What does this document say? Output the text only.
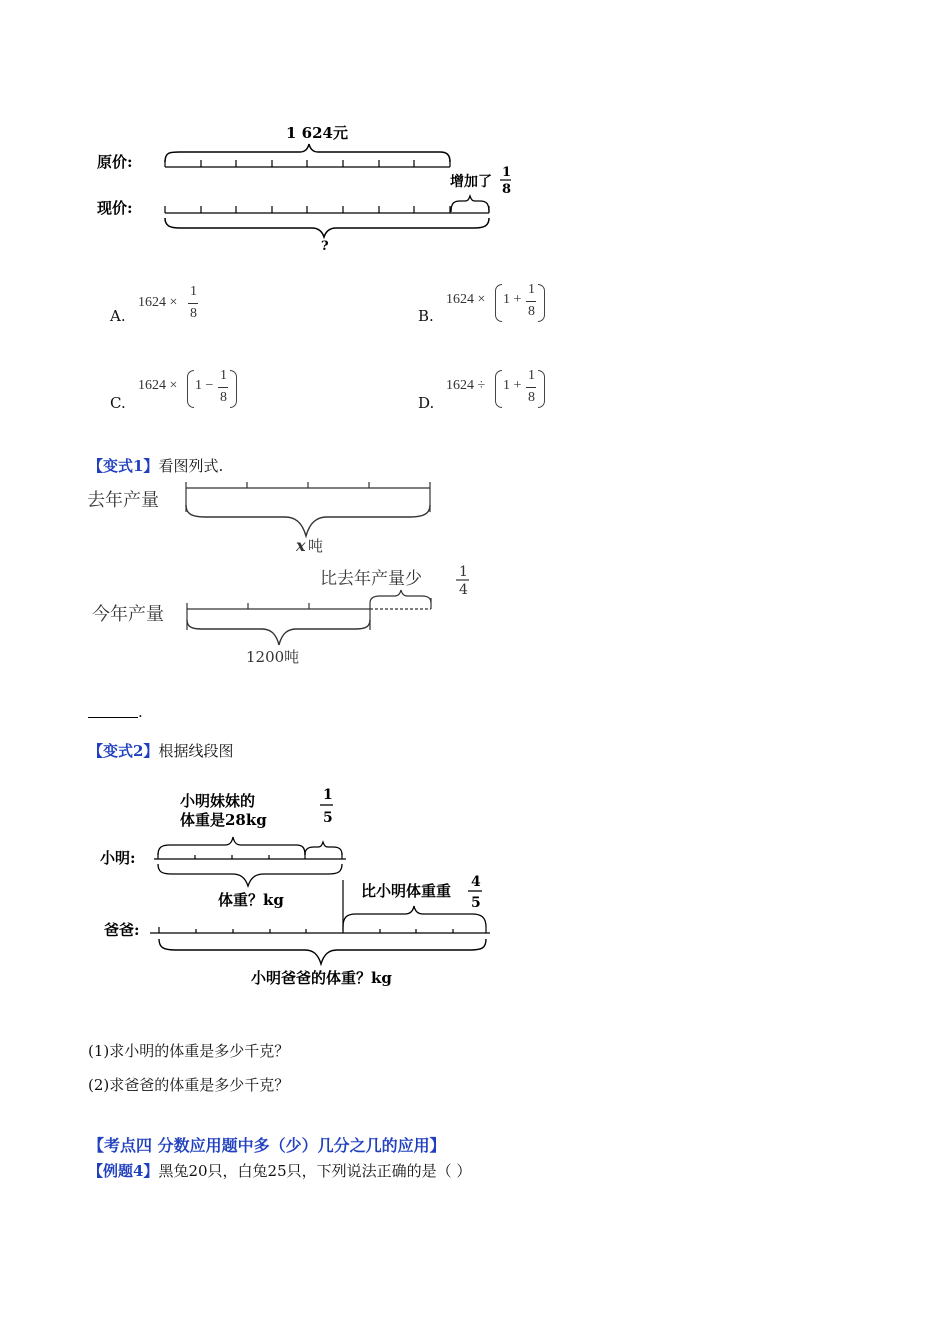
1 624元
原价:
增加了
1
8
现价:
?
A.
1624 ×
1
8	B.
1624 × 1 +
1
8
C.
1624 × 1 −
1
8	D.
1624 ÷ 1 +
1
8
【变式1】看图列式.
去年产量
x 吨
比去年产量少	1
4
今年产量
1200吨
.
【变式2】根据线段图
小明妹妹的
体重是28kg
1
5
小明:
体重？kg	比小明体重重 4
5
爸爸:
小明爸爸的体重？kg
(1)求小明的体重是多少千克？
(2)求爸爸的体重是多少千克？
【考点四 分数应用题中多（少）几分之几的应用】
【例题4】黑兔20只，白兔25只，下列说法正确的是（ ）
